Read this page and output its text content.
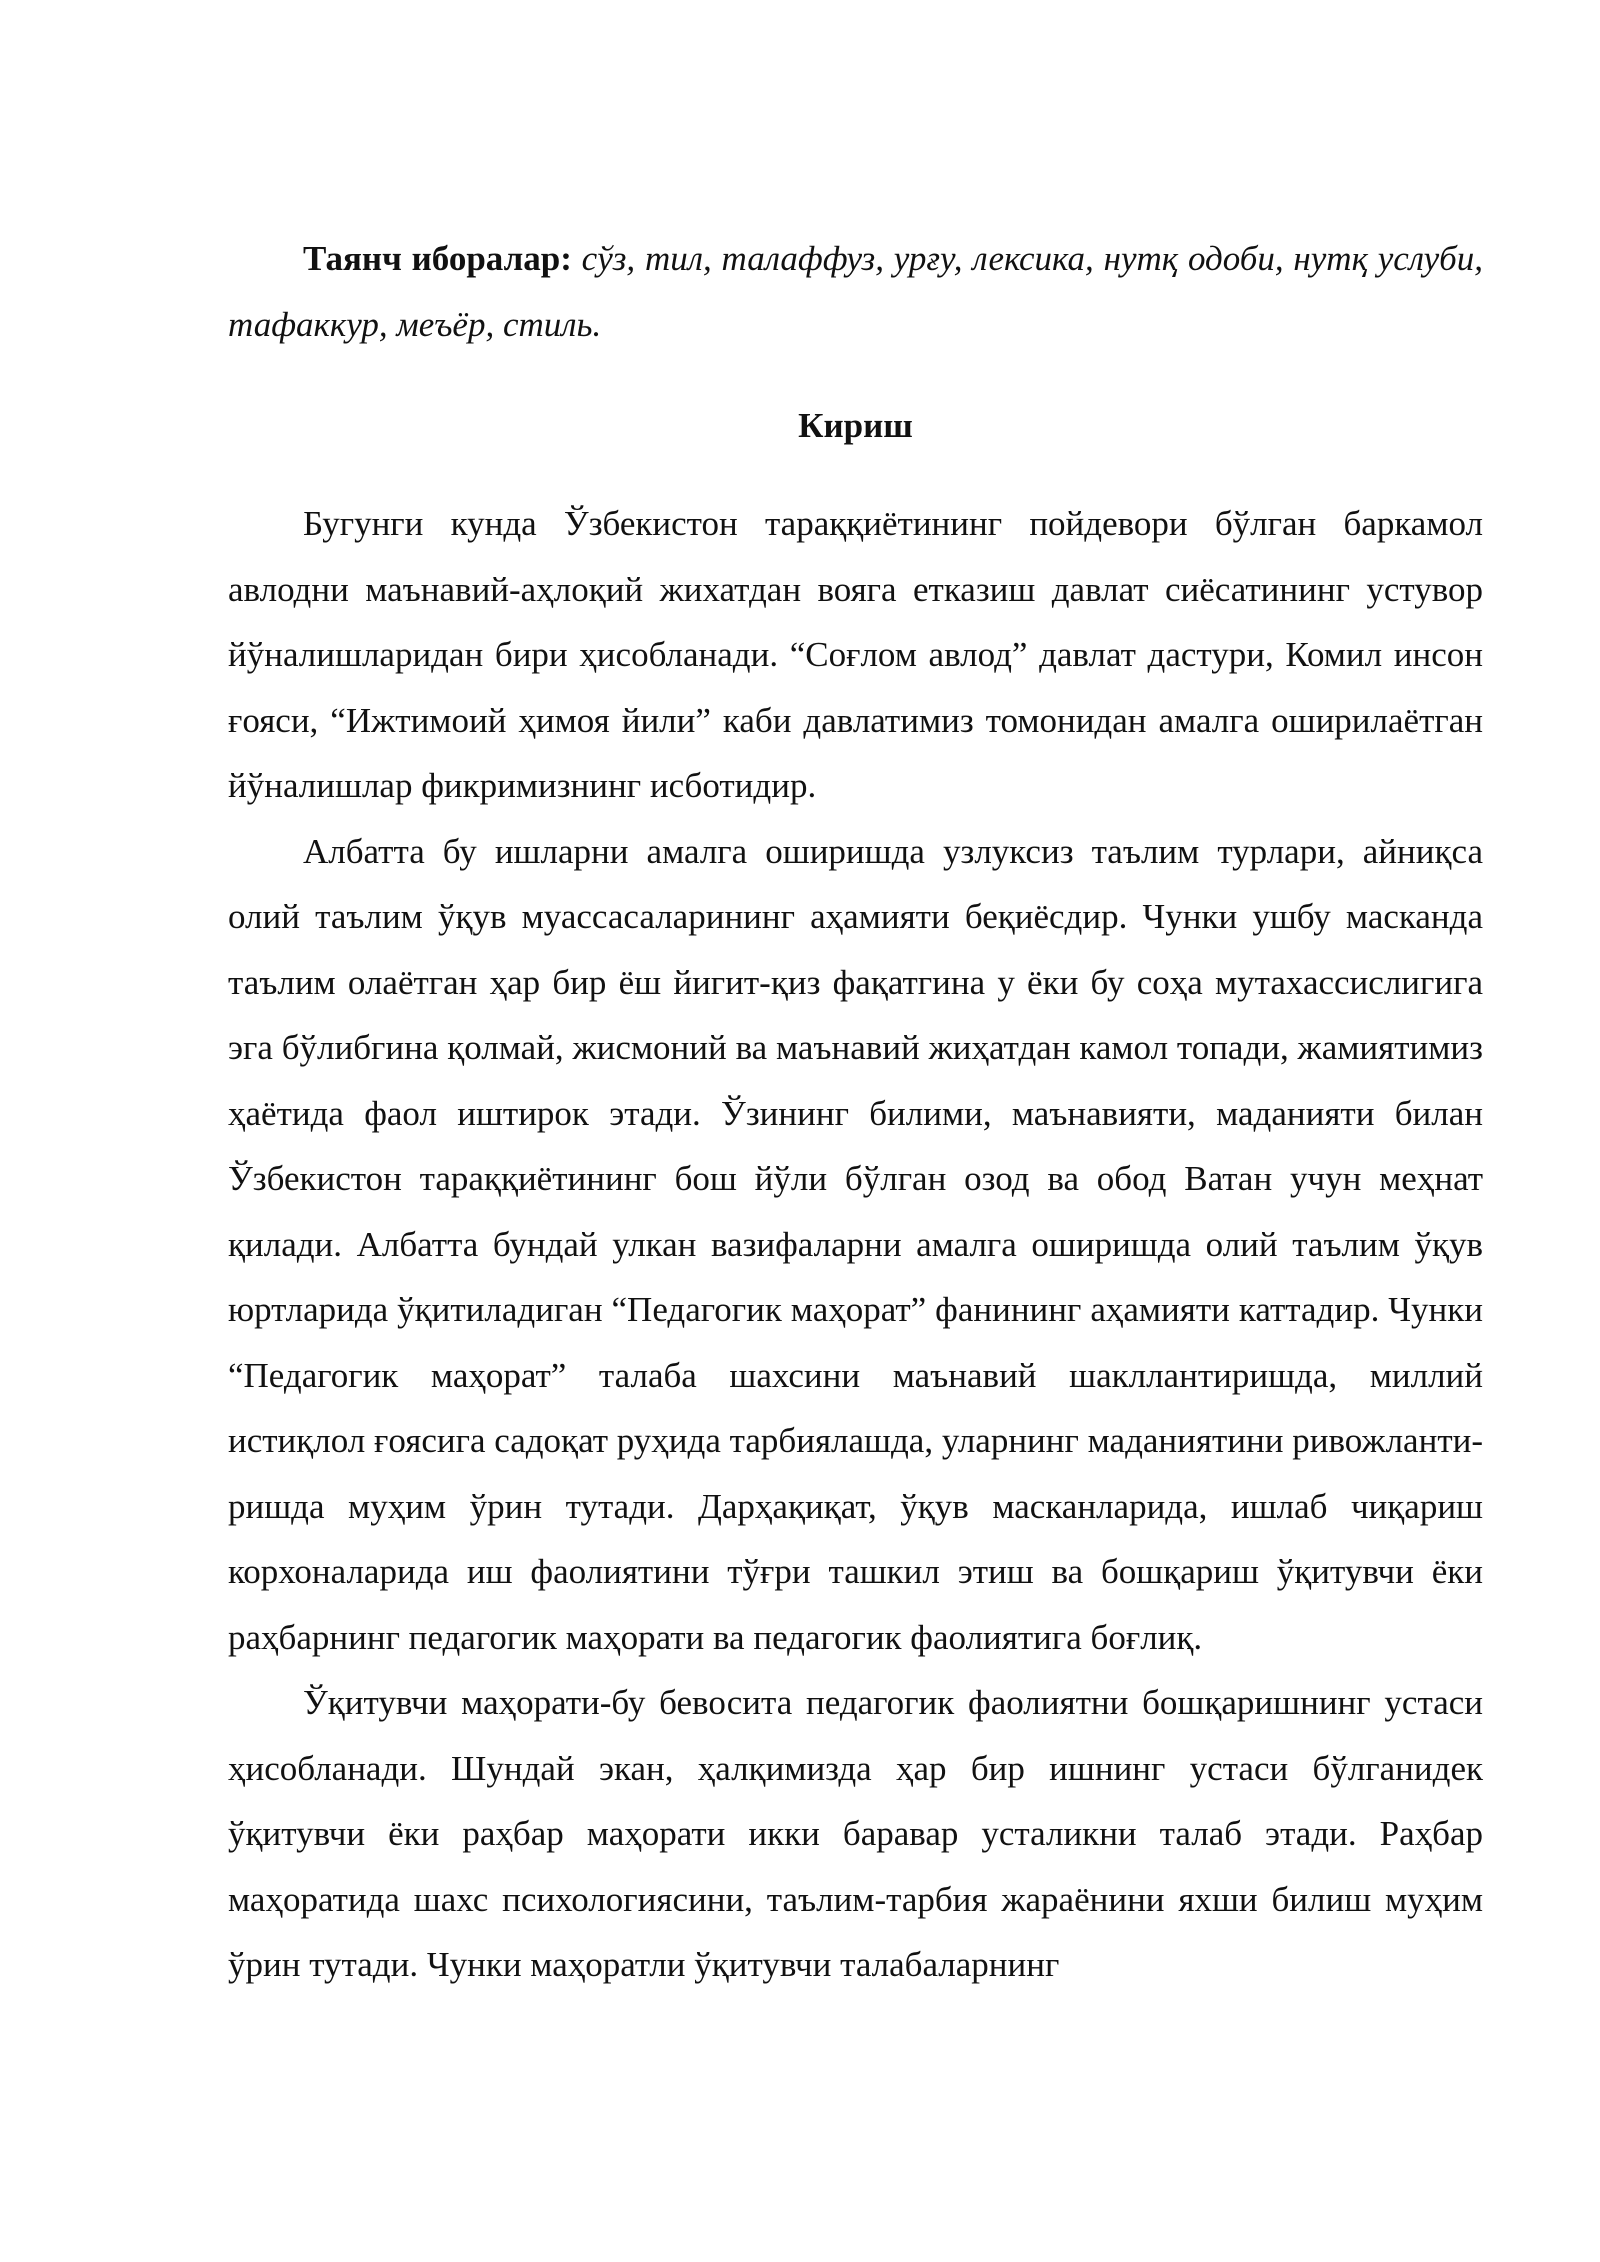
Таянч иборалар: сўз, тил, талаффуз, урғу, лексика, нутқ одоби, нутқ услуби, тафаккур, меъёр, стиль.

Кириш

Бугунги кунда Ўзбекистон тараққиётининг пойдевори бўлган баркамол авлодни маънавий-аҳлоқий жихатдан вояга етказиш давлат сиёсатининг устувор йўналишларидан бири ҳисобланади. “Соғлом авлод” давлат дастури, Комил инсон ғояси, “Ижтимоий ҳимоя йили” каби давлатимиз томонидан амалга оширилаётган йўналишлар фикримизнинг исботидир.

Албатта бу ишларни амалга оширишда узлуксиз таълим турлари, айниқса олий таълим ўқув муассасаларининг аҳамияти беқиёсдир. Чунки ушбу масканда таълим олаётган ҳар бир ёш йигит-қиз фақатгина у ёки бу соҳа мутахассислигига эга бўлибгина қолмай, жисмоний ва маънавий жиҳатдан камол топади, жамиятимиз ҳаётида фаол иштирок этади. Ўзининг билими, маънавияти, маданияти билан Ўзбекистон тараққиётининг бош йўли бўлган озод ва обод Ватан учун меҳнат қилади. Албатта бундай улкан вазифаларни амалга оширишда олий таълим ўқув юртларида ўқитиладиган “Педагогик маҳорат” фанининг аҳамияти каттадир. Чунки “Педагогик маҳорат” талаба шахсини маънавий шакллантиришда, миллий истиқлол ғоясига садоқат руҳида тарбиялашда, уларнинг маданиятини ривожланти-ришда муҳим ўрин тутади. Дарҳақиқат, ўқув масканларида, ишлаб чиқариш корхоналарида иш фаолиятини тўғри ташкил этиш ва бошқариш ўқитувчи ёки раҳбарнинг педагогик маҳорати ва педагогик фаолиятига боғлиқ.

Ўқитувчи маҳорати-бу бевосита педагогик фаолиятни бошқаришнинг устаси ҳисобланади. Шундай экан, ҳалқимизда ҳар бир ишнинг устаси бўлганидек ўқитувчи ёки раҳбар маҳорати икки баравар усталикни талаб этади. Раҳбар маҳоратида шахс психологиясини, таълим-тарбия жараёнини яхши билиш муҳим ўрин тутади. Чунки маҳоратли ўқитувчи талабаларнинг
